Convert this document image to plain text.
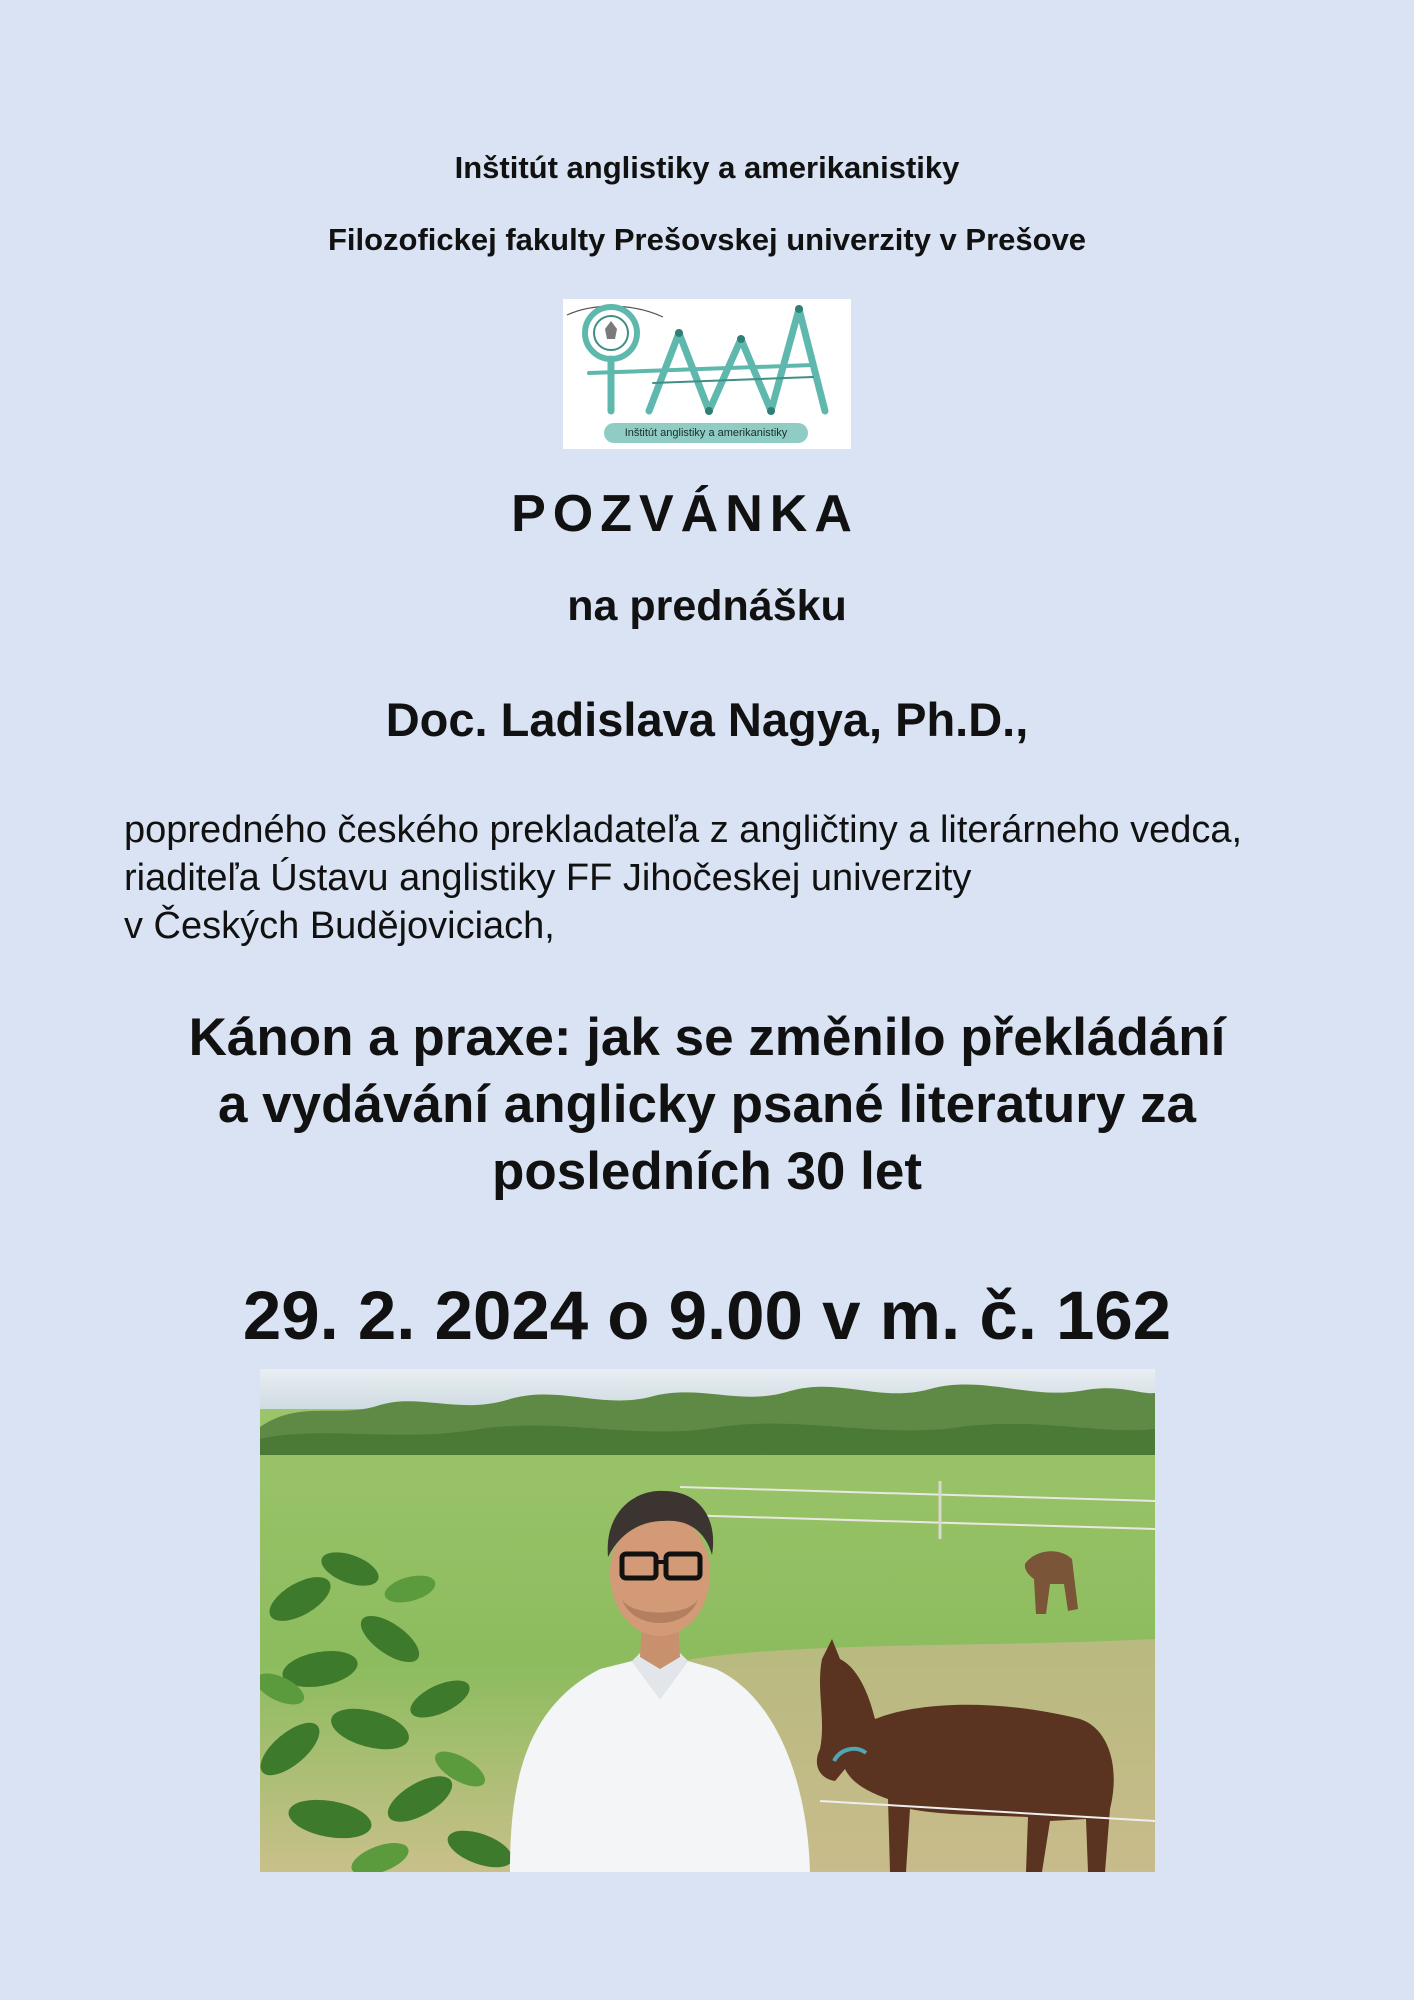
Inštitút anglistiky a amerikanistiky
Filozofickej fakulty Prešovskej univerzity v Prešove
Inštitút anglistiky a amerikanistiky
POZVÁNKA
na prednášku
Doc. Ladislava Nagya, Ph.D.,
popredného českého prekladateľa z angličtiny a literárneho vedca,
riaditeľa Ústavu anglistiky FF Jihočeskej univerzity
v Českých Budějoviciach,
Kánon a praxe: jak se změnilo překládání
a vydávání anglicky psané literatury za
posledních 30 let
29. 2. 2024 o 9.00 v m. č. 162
